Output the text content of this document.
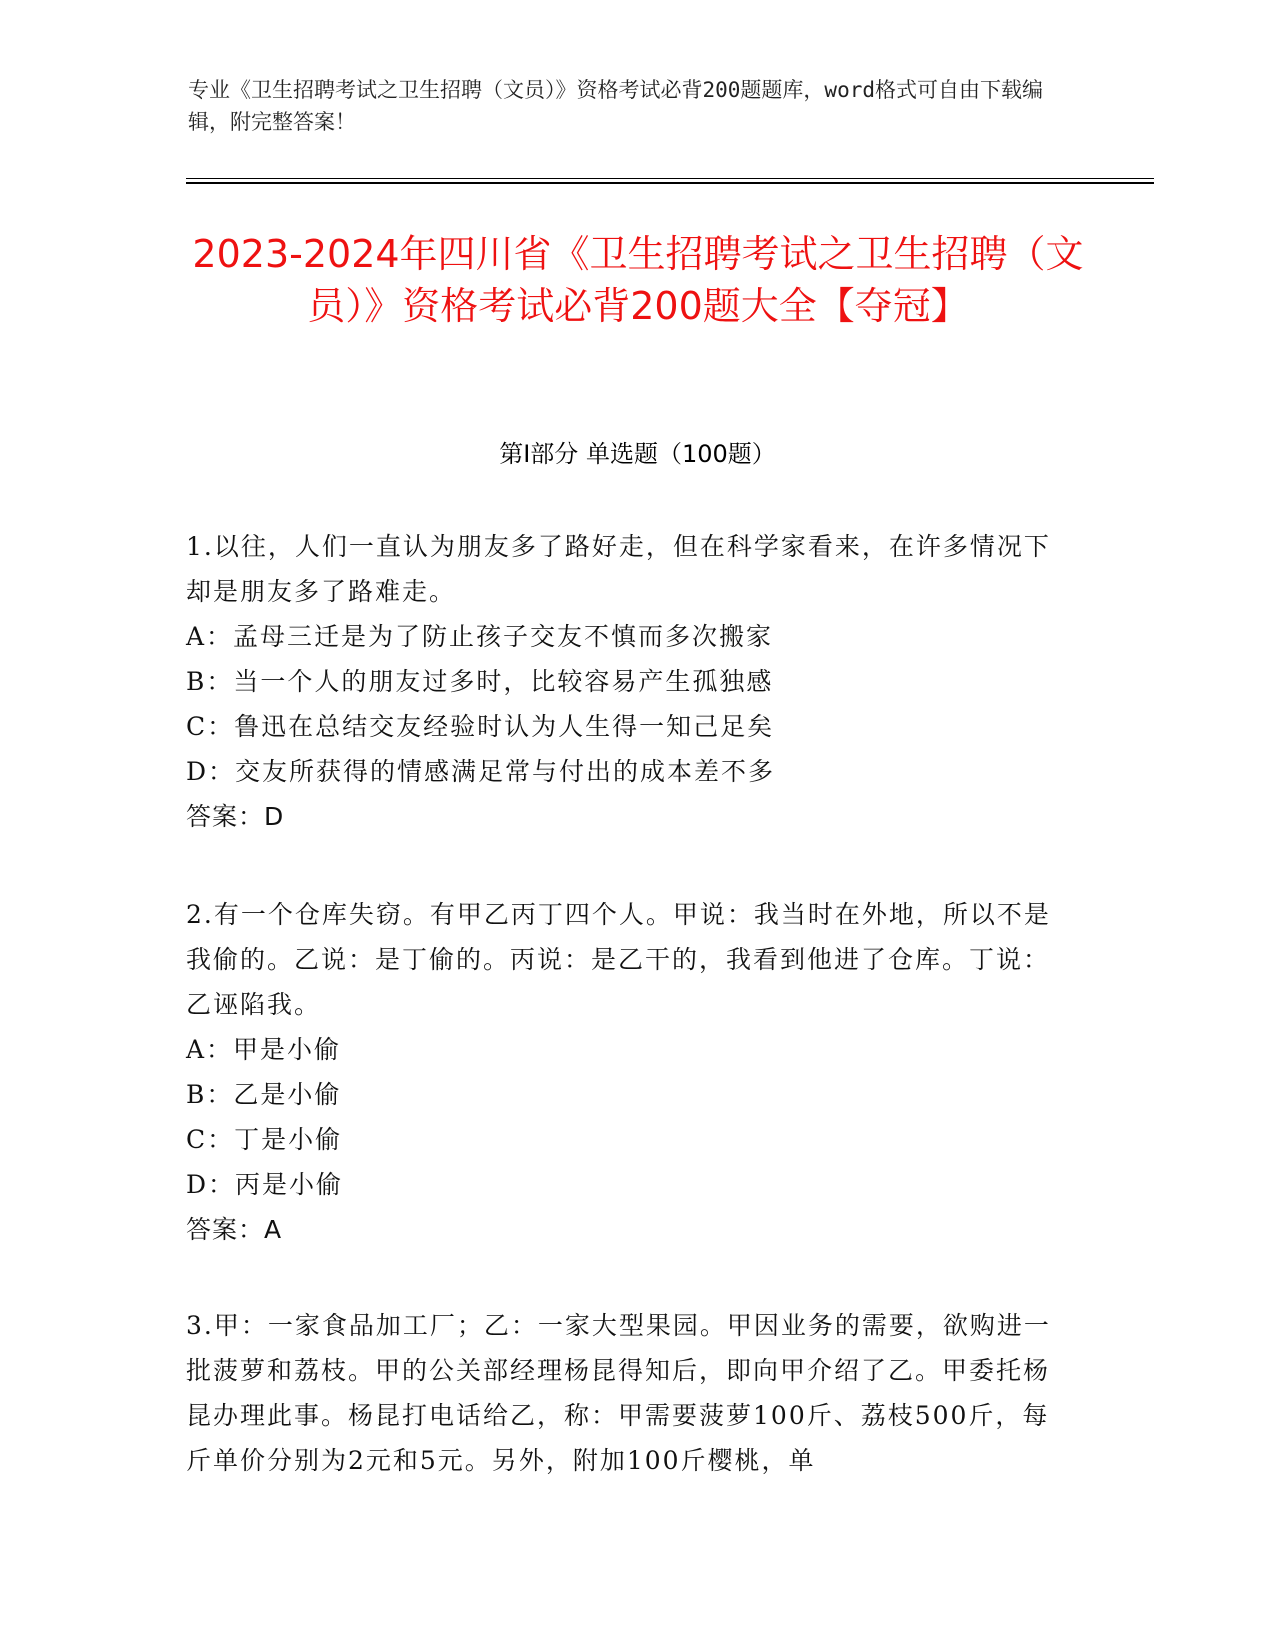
专业《卫生招聘考试之卫生招聘（文员）》资格考试必背200题题库，word格式可自由下载编辑，附完整答案！
2023-2024年四川省《卫生招聘考试之卫生招聘（文员）》资格考试必背200题大全【夺冠】
第I部分 单选题（100题）

1.以往，人们一直认为朋友多了路好走，但在科学家看来，在许多情况下却是朋友多了路难走。

A：孟母三迁是为了防止孩子交友不慎而多次搬家

B：当一个人的朋友过多时，比较容易产生孤独感

C：鲁迅在总结交友经验时认为人生得一知己足矣

D：交友所获得的情感满足常与付出的成本差不多

答案：D

2.有一个仓库失窃。有甲乙丙丁四个人。甲说：我当时在外地，所以不是我偷的。乙说：是丁偷的。丙说：是乙干的，我看到他进了仓库。丁说：乙诬陷我。

A：甲是小偷

B：乙是小偷

C：丁是小偷

D：丙是小偷

答案：A

3.甲：一家食品加工厂；乙：一家大型果园。甲因业务的需要，欲购进一批菠萝和荔枝。甲的公关部经理杨昆得知后，即向甲介绍了乙。甲委托杨昆办理此事。杨昆打电话给乙，称：甲需要菠萝100斤、荔枝500斤，每斤单价分别为2元和5元。另外，附加100斤樱桃，单
